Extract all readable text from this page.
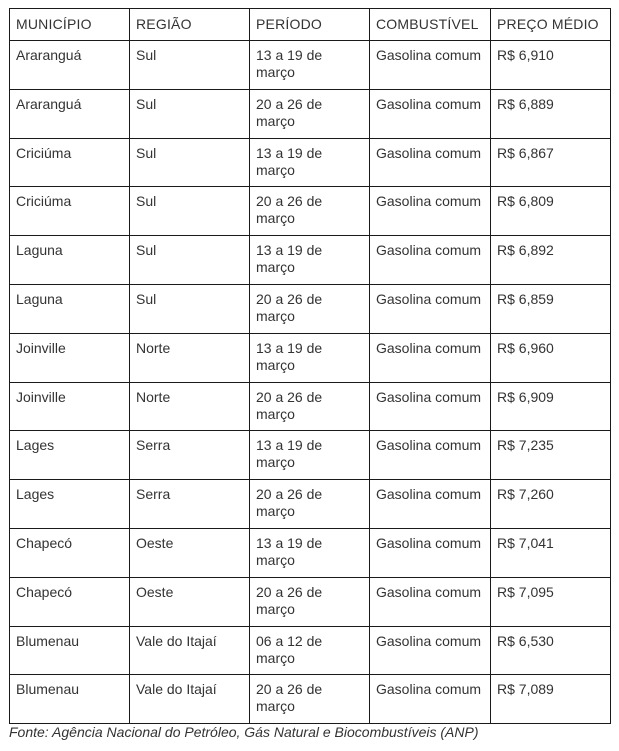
MUNICÍPIO	REGIÃO	PERÍODO	COMBUSTÍVEL	PREÇO MÉDIO
Araranguá	Sul	13 a 19 de março	Gasolina comum	R$ 6,910
Araranguá	Sul	20 a 26 de março	Gasolina comum	R$ 6,889
Criciúma	Sul	13 a 19 de março	Gasolina comum	R$ 6,867
Criciúma	Sul	20 a 26 de março	Gasolina comum	R$ 6,809
Laguna	Sul	13 a 19 de março	Gasolina comum	R$ 6,892
Laguna	Sul	20 a 26 de março	Gasolina comum	R$ 6,859
Joinville	Norte	13 a 19 de março	Gasolina comum	R$ 6,960
Joinville	Norte	20 a 26 de março	Gasolina comum	R$ 6,909
Lages	Serra	13 a 19 de março	Gasolina comum	R$ 7,235
Lages	Serra	20 a 26 de março	Gasolina comum	R$ 7,260
Chapecó	Oeste	13 a 19 de março	Gasolina comum	R$ 7,041
Chapecó	Oeste	20 a 26 de março	Gasolina comum	R$ 7,095
Blumenau	Vale do Itajaí	06 a 12 de março	Gasolina comum	R$ 6,530
Blumenau	Vale do Itajaí	20 a 26 de março	Gasolina comum	R$ 7,089
Fonte: Agência Nacional do Petróleo, Gás Natural e Biocombustíveis (ANP)
